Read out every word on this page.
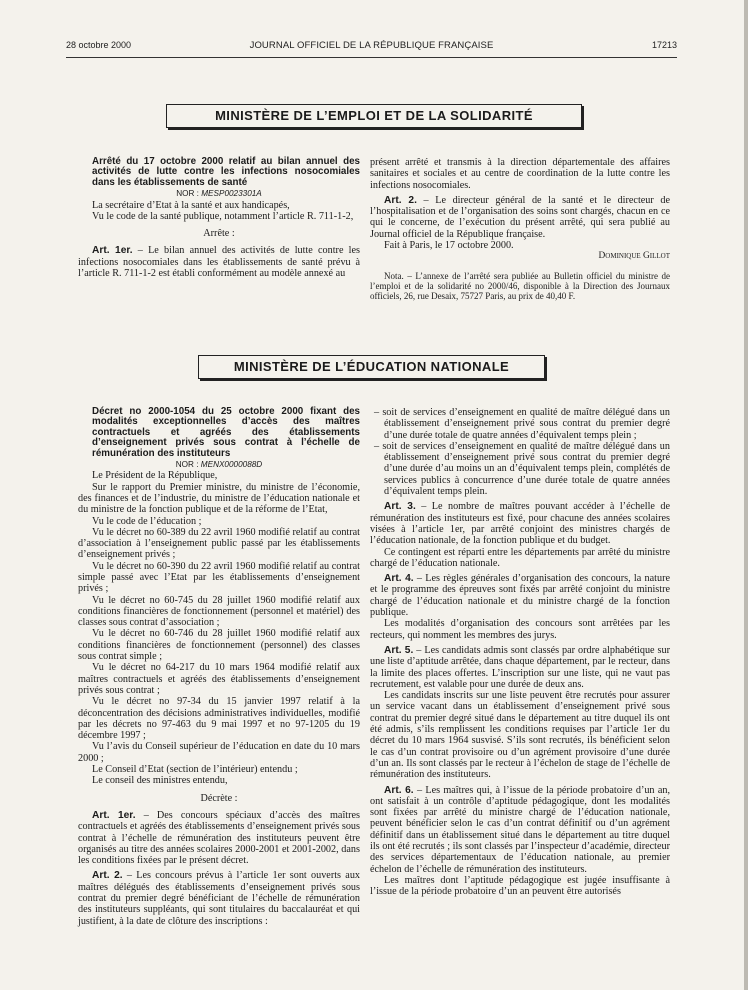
28 octobre 2000	JOURNAL OFFICIEL DE LA RÉPUBLIQUE FRANÇAISE	17213
MINISTÈRE DE L’EMPLOI ET DE LA SOLIDARITÉ

Arrêté du 17 octobre 2000 relatif au bilan annuel des activités de lutte contre les infections nosocomiales dans les établissements de santé

NOR : MESP0023301A

La secrétaire d’Etat à la santé et aux handicapés,

Vu le code de la santé publique, notamment l’article R. 711-1-2,

Arrête :

Art. 1er. – Le bilan annuel des activités de lutte contre les infections nosocomiales dans les établissements de santé prévu à l’article R. 711-1-2 est établi conformément au modèle annexé au

présent arrêté et transmis à la direction départementale des affaires sanitaires et sociales et au centre de coordination de la lutte contre les infections nosocomiales.

Art. 2. – Le directeur général de la santé et le directeur de l’hospitalisation et de l’organisation des soins sont chargés, chacun en ce qui le concerne, de l’exécution du présent arrêté, qui sera publié au Journal officiel de la République française.

Fait à Paris, le 17 octobre 2000.

Dominique Gillot

Nota. – L’annexe de l’arrêté sera publiée au Bulletin officiel du ministre de l’emploi et de la solidarité no 2000/46, disponible à la Direction des Journaux officiels, 26, rue Desaix, 75727 Paris, au prix de 40,40 F.

MINISTÈRE DE L’ÉDUCATION NATIONALE

Décret no 2000-1054 du 25 octobre 2000 fixant des modalités exceptionnelles d’accès des maîtres contractuels et agréés des établissements d’enseignement privés sous contrat à l’échelle de rémunération des instituteurs

NOR : MENX0000088D

Le Président de la République,

Sur le rapport du Premier ministre, du ministre de l’économie, des finances et de l’industrie, du ministre de l’éducation nationale et du ministre de la fonction publique et de la réforme de l’Etat,

Vu le code de l’éducation ;

Vu le décret no 60-389 du 22 avril 1960 modifié relatif au contrat d’association à l’enseignement public passé par les établissements d’enseignement privés ;

Vu le décret no 60-390 du 22 avril 1960 modifié relatif au contrat simple passé avec l’Etat par les établissements d’enseignement privés ;

Vu le décret no 60-745 du 28 juillet 1960 modifié relatif aux conditions financières de fonctionnement (personnel et matériel) des classes sous contrat d’association ;

Vu le décret no 60-746 du 28 juillet 1960 modifié relatif aux conditions financières de fonctionnement (personnel) des classes sous contrat simple ;

Vu le décret no 64-217 du 10 mars 1964 modifié relatif aux maîtres contractuels et agréés des établissements d’enseignement privés sous contrat ;

Vu le décret no 97-34 du 15 janvier 1997 relatif à la déconcentration des décisions administratives individuelles, modifié par les décrets no 97-463 du 9 mai 1997 et no 97-1205 du 19 décembre 1997 ;

Vu l’avis du Conseil supérieur de l’éducation en date du 10 mars 2000 ;

Le Conseil d’Etat (section de l’intérieur) entendu ;

Le conseil des ministres entendu,

Décrète :

Art. 1er. – Des concours spéciaux d’accès des maîtres contractuels et agréés des établissements d’enseignement privés sous contrat à l’échelle de rémunération des instituteurs peuvent être organisés au titre des années scolaires 2000-2001 et 2001-2002, dans les conditions fixées par le présent décret.

Art. 2. – Les concours prévus à l’article 1er sont ouverts aux maîtres délégués des établissements d’enseignement privés sous contrat du premier degré bénéficiant de l’échelle de rémunération des instituteurs suppléants, qui sont titulaires du baccalauréat et qui justifient, à la date de clôture des inscriptions :

– soit de services d’enseignement en qualité de maître délégué dans un établissement d’enseignement privé sous contrat du premier degré d’une durée totale de quatre années d’équivalent temps plein ;
– soit de services d’enseignement en qualité de maître délégué dans un établissement d’enseignement privé sous contrat du premier degré d’une durée d’au moins un an d’équivalent temps plein, complétés de services publics à concurrence d’une durée totale de quatre années d’équivalent temps plein.

Art. 3. – Le nombre de maîtres pouvant accéder à l’échelle de rémunération des instituteurs est fixé, pour chacune des années scolaires visées à l’article 1er, par arrêté conjoint des ministres chargés de l’éducation nationale, de la fonction publique et du budget.

Ce contingent est réparti entre les départements par arrêté du ministre chargé de l’éducation nationale.

Art. 4. – Les règles générales d’organisation des concours, la nature et le programme des épreuves sont fixés par arrêté conjoint du ministre chargé de l’éducation nationale et du ministre chargé de la fonction publique.

Les modalités d’organisation des concours sont arrêtées par les recteurs, qui nomment les membres des jurys.

Art. 5. – Les candidats admis sont classés par ordre alphabétique sur une liste d’aptitude arrêtée, dans chaque département, par le recteur, dans la limite des places offertes. L’inscription sur une liste, qui ne vaut pas recrutement, est valable pour une durée de deux ans.

Les candidats inscrits sur une liste peuvent être recrutés pour assurer un service vacant dans un établissement d’enseignement privé sous contrat du premier degré situé dans le département au titre duquel ils ont été admis, s’ils remplissent les conditions requises par l’article 1er du décret du 10 mars 1964 susvisé. S’ils sont recrutés, ils bénéficient selon le cas d’un contrat provisoire ou d’un agrément provisoire d’une durée d’un an. Ils sont classés par le recteur à l’échelon de stage de l’échelle de rémunération des instituteurs.

Art. 6. – Les maîtres qui, à l’issue de la période probatoire d’un an, ont satisfait à un contrôle d’aptitude pédagogique, dont les modalités sont fixées par arrêté du ministre chargé de l’éducation nationale, peuvent bénéficier selon le cas d’un contrat définitif ou d’un agrément définitif dans un établissement situé dans le département au titre duquel ils ont été recrutés ; ils sont classés par l’inspecteur d’académie, directeur des services départementaux de l’éducation nationale, au premier échelon de l’échelle de rémunération des instituteurs.

Les maîtres dont l’aptitude pédagogique est jugée insuffisante à l’issue de la période probatoire d’un an peuvent être autorisés
